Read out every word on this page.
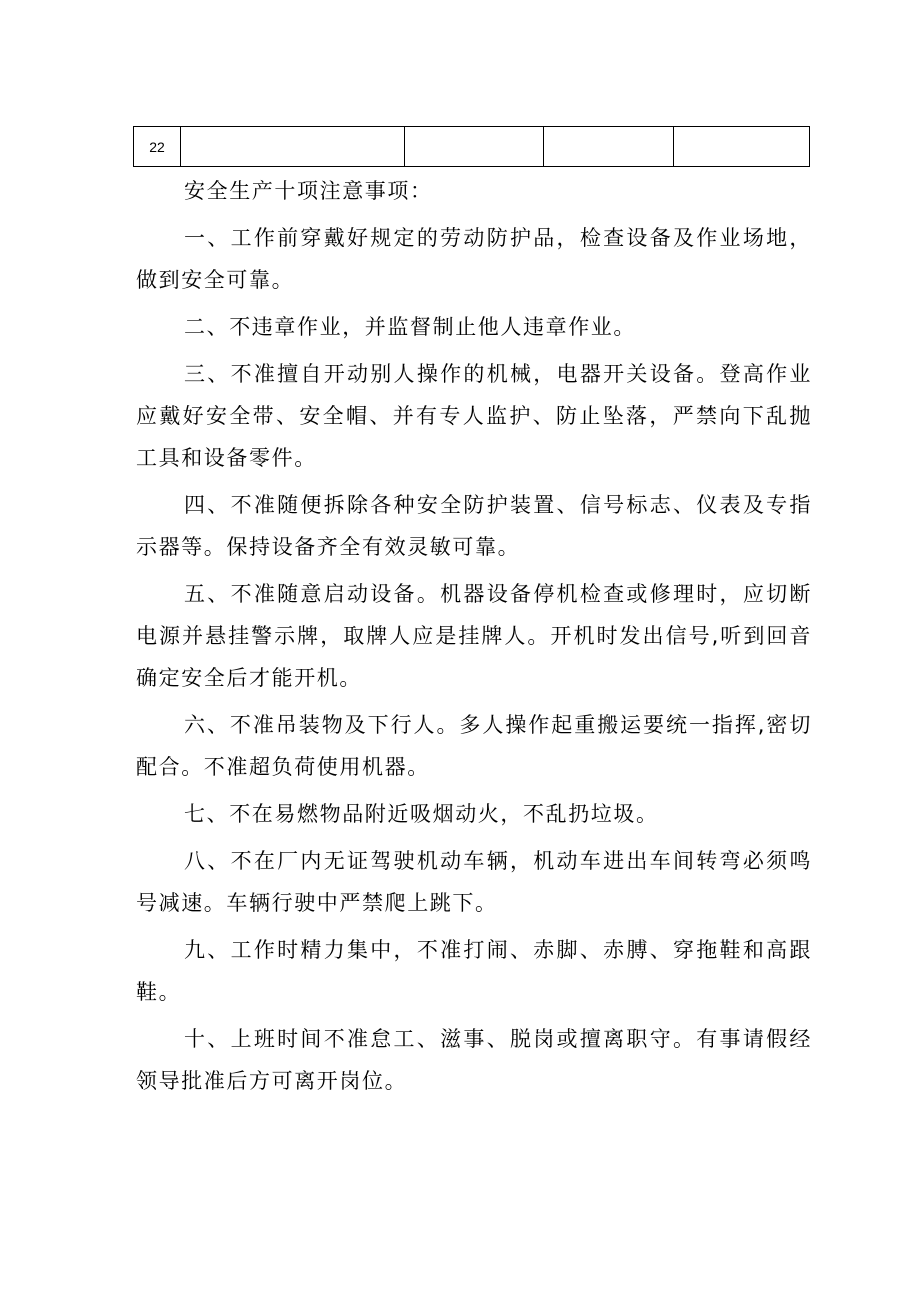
22				

安全生产十项注意事项：

一、工作前穿戴好规定的劳动防护品，检查设备及作业场地，做到安全可靠。

二、不违章作业，并监督制止他人违章作业。

三、不准擅自开动别人操作的机械，电器开关设备。登高作业应戴好安全带、安全帽、并有专人监护、防止坠落，严禁向下乱抛工具和设备零件。

四、不准随便拆除各种安全防护装置、信号标志、仪表及专指示器等。保持设备齐全有效灵敏可靠。

五、不准随意启动设备。机器设备停机检查或修理时，应切断电源并悬挂警示牌，取牌人应是挂牌人。开机时发出信号,听到回音确定安全后才能开机。

六、不准吊装物及下行人。多人操作起重搬运要统一指挥,密切配合。不准超负荷使用机器。

七、不在易燃物品附近吸烟动火，不乱扔垃圾。

八、不在厂内无证驾驶机动车辆，机动车进出车间转弯必须鸣号减速。车辆行驶中严禁爬上跳下。

九、工作时精力集中，不准打闹、赤脚、赤膊、穿拖鞋和高跟鞋。

十、上班时间不准怠工、滋事、脱岗或擅离职守。有事请假经领导批准后方可离开岗位。
